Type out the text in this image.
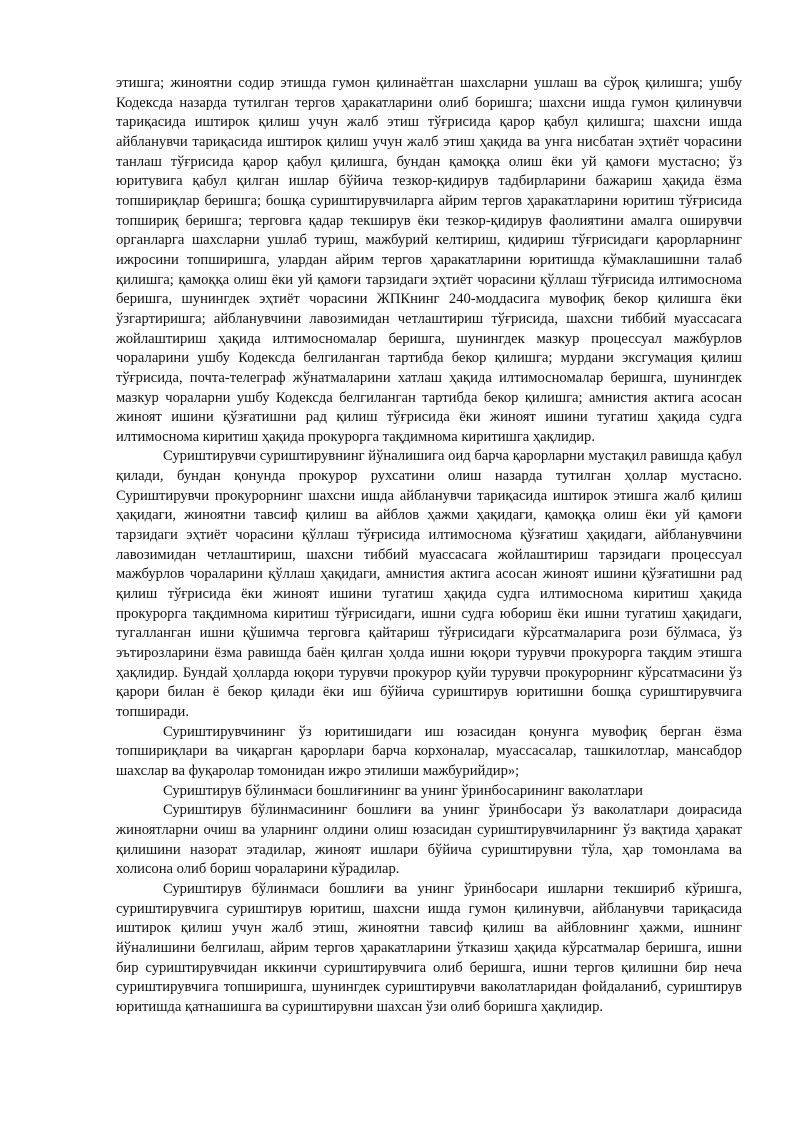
этишга; жиноятни содир этишда гумон қилинаётган шахсларни ушлаш ва сўроқ қилишга; ушбу Кодексда назарда тутилган тергов ҳаракатларини олиб боришга; шахсни ишда гумон қилинувчи тариқасида иштирок қилиш учун жалб этиш тўғрисида қарор қабул қилишга; шахсни ишда айбланувчи тариқасида иштирок қилиш учун жалб этиш ҳақида ва унга нисбатан эҳтиёт чорасини танлаш тўғрисида қарор қабул қилишга, бундан қамоққа олиш ёки уй қамоғи мустасно; ўз юритувига қабул қилган ишлар бўйича тезкор-қидирув тадбирларини бажариш ҳақида ёзма топшириқлар беришга; бошқа суриштирувчиларга айрим тергов ҳаракатларини юритиш тўғрисида топшириқ беришга; терговга қадар текширув ёки тезкор-қидирув фаолиятини амалга оширувчи органларга шахсларни ушлаб туриш, мажбурий келтириш, қидириш тўғрисидаги қарорларнинг ижросини топширишга, улардан айрим тергов ҳаракатларини юритишда кўмаклашишни талаб қилишга; қамоққа олиш ёки уй қамоғи тарзидаги эҳтиёт чорасини қўллаш тўғрисида илтимоснома беришга, шунингдек эҳтиёт чорасини ЖПКнинг 240-моддасига мувофиқ бекор қилишга ёки ўзгартиришга; айбланувчини лавозимидан четлаштириш тўғрисида, шахсни тиббий муассасага жойлаштириш ҳақида илтимосномалар беришга, шунингдек мазкур процессуал мажбурлов чораларини ушбу Кодексда белгиланган тартибда бекор қилишга; мурдани эксгумация қилиш тўғрисида, почта-телеграф жўнатмаларини хатлаш ҳақида илтимосномалар беришга, шунингдек мазкур чораларни ушбу Кодексда белгиланган тартибда бекор қилишга; амнистия актига асосан жиноят ишини қўзғатишни рад қилиш тўғрисида ёки жиноят ишини тугатиш ҳақида судга илтимоснома киритиш ҳақида прокурорга тақдимнома киритишга ҳақлидир.

Суриштирувчи суриштирувнинг йўналишига оид барча қарорларни мустақил равишда қабул қилади, бундан қонунда прокурор рухсатини олиш назарда тутилган ҳоллар мустасно. Суриштирувчи прокурорнинг шахсни ишда айбланувчи тариқасида иштирок этишга жалб қилиш ҳақидаги, жиноятни тавсиф қилиш ва айблов ҳажми ҳақидаги, қамоққа олиш ёки уй қамоғи тарзидаги эҳтиёт чорасини қўллаш тўғрисида илтимоснома қўзғатиш ҳақидаги, айбланувчини лавозимидан четлаштириш, шахсни тиббий муассасага жойлаштириш тарзидаги процессуал мажбурлов чораларини қўллаш ҳақидаги, амнистия актига асосан жиноят ишини қўзғатишни рад қилиш тўғрисида ёки жиноят ишини тугатиш ҳақида судга илтимоснома киритиш ҳақида прокурорга тақдимнома киритиш тўғрисидаги, ишни судга юбориш ёки ишни тугатиш ҳақидаги, тугалланган ишни қўшимча терговга қайтариш тўғрисидаги кўрсатмаларига рози бўлмаса, ўз эътирозларини ёзма равишда баён қилган ҳолда ишни юқори турувчи прокурорга тақдим этишга ҳақлидир. Бундай ҳолларда юқори турувчи прокурор қуйи турувчи прокурорнинг кўрсатмасини ўз қарори билан ё бекор қилади ёки иш бўйича суриштирув юритишни бошқа суриштирувчига топширади.

Суриштирувчининг ўз юритишидаги иш юзасидан қонунга мувофиқ берган ёзма топшириқлари ва чиқарган қарорлари барча корхоналар, муассасалар, ташкилотлар, мансабдор шахслар ва фуқаролар томонидан ижро этилиши мажбурийдир»;

Суриштирув бўлинмаси бошлиғининг ва унинг ўринбосарининг ваколатлари

Суриштирув бўлинмасининг бошлиғи ва унинг ўринбосари ўз ваколатлари доирасида жиноятларни очиш ва уларнинг олдини олиш юзасидан суриштирувчиларнинг ўз вақтида ҳаракат қилишини назорат этадилар, жиноят ишлари бўйича суриштирувни тўла, ҳар томонлама ва холисона олиб бориш чораларини кўрадилар.

Суриштирув бўлинмаси бошлиғи ва унинг ўринбосари ишларни текшириб кўришга, суриштирувчига суриштирув юритиш, шахсни ишда гумон қилинувчи, айбланувчи тариқасида иштирок қилиш учун жалб этиш, жиноятни тавсиф қилиш ва айбловнинг ҳажми, ишнинг йўналишини белгилаш, айрим тергов ҳаракатларини ўтказиш ҳақида кўрсатмалар беришга, ишни бир суриштирувчидан иккинчи суриштирувчига олиб беришга, ишни тергов қилишни бир неча суриштирувчига топширишга, шунингдек суриштирувчи ваколатларидан фойдаланиб, суриштирув юритишда қатнашишга ва суриштирувни шахсан ўзи олиб боришга ҳақлидир.
